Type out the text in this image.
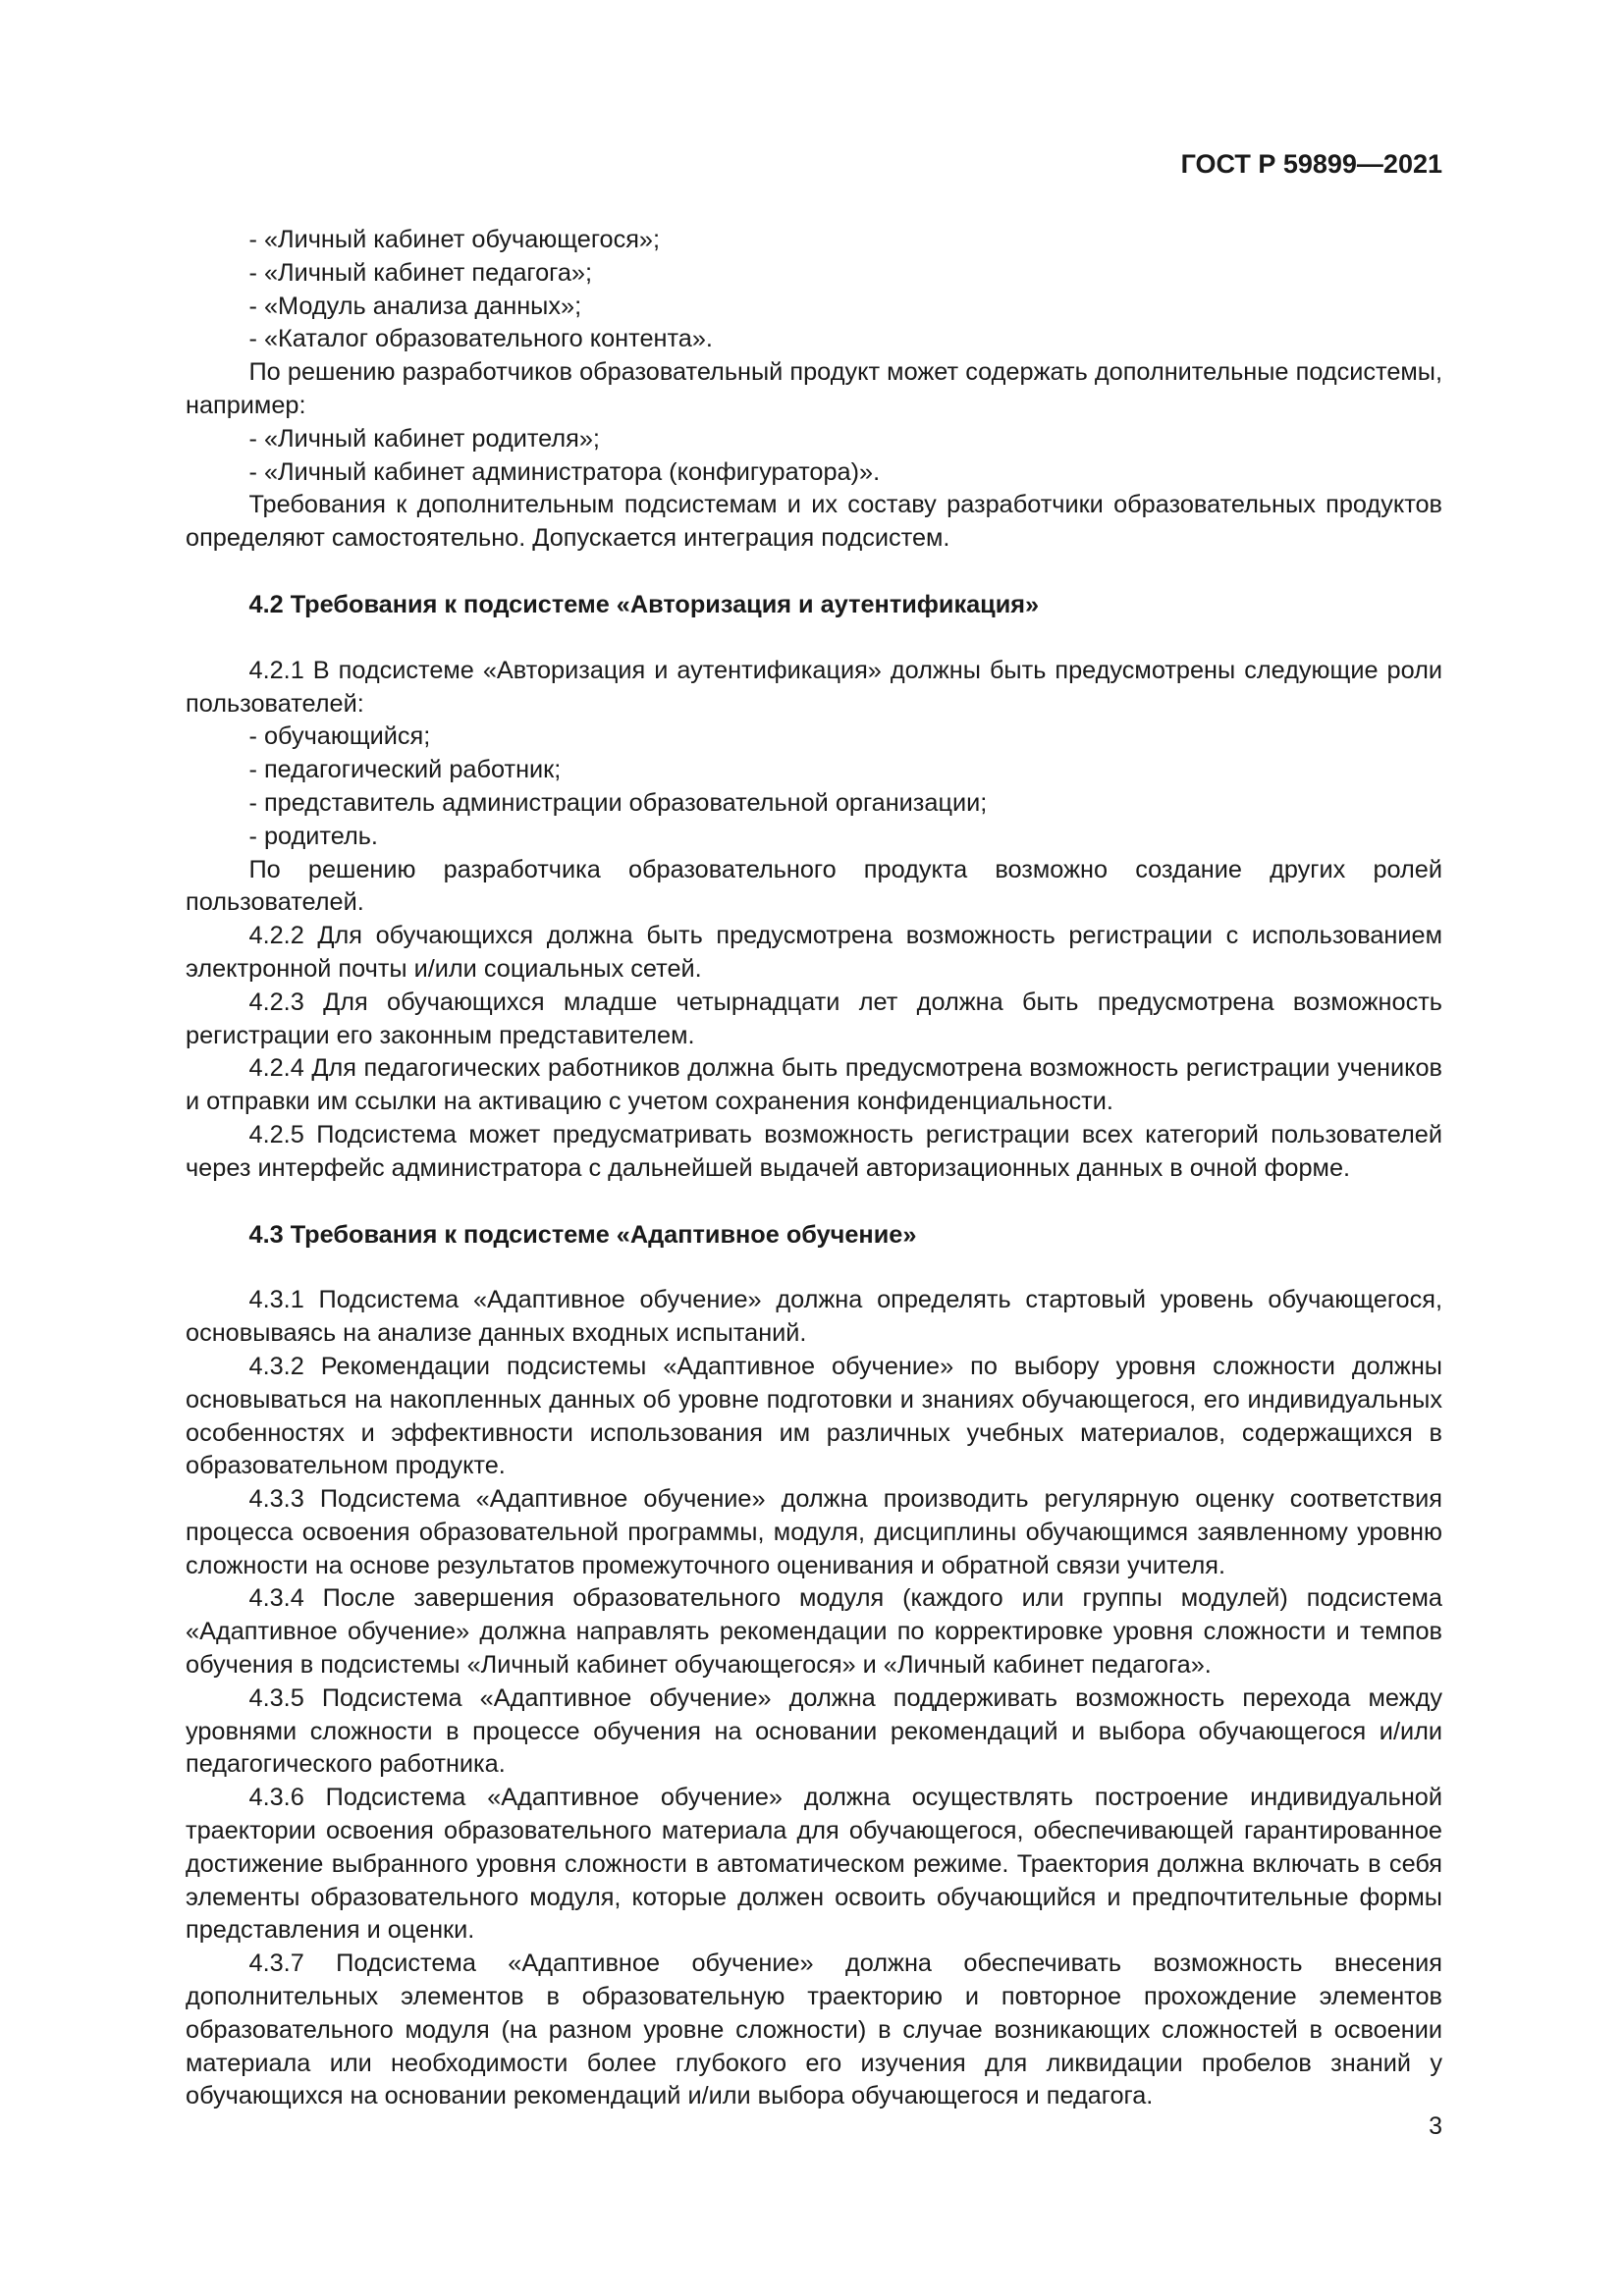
ГОСТ Р 59899—2021

- «Личный кабинет обучающегося»;

- «Личный кабинет педагога»;

- «Модуль анализа данных»;

- «Каталог образовательного контента».

По решению разработчиков образовательный продукт может содержать дополнительные подсистемы, например:

- «Личный кабинет родителя»;

- «Личный кабинет администратора (конфигуратора)».

Требования к дополнительным подсистемам и их составу разработчики образовательных продуктов определяют самостоятельно. Допускается интеграция подсистем.

4.2 Требования к подсистеме «Авторизация и аутентификация»

4.2.1 В подсистеме «Авторизация и аутентификация» должны быть предусмотрены следующие роли пользователей:

- обучающийся;

- педагогический работник;

- представитель администрации образовательной организации;

- родитель.

По решению разработчика образовательного продукта возможно создание других ролей пользователей.

4.2.2 Для обучающихся должна быть предусмотрена возможность регистрации с использованием электронной почты и/или социальных сетей.

4.2.3 Для обучающихся младше четырнадцати лет должна быть предусмотрена возможность регистрации его законным представителем.

4.2.4 Для педагогических работников должна быть предусмотрена возможность регистрации учеников и отправки им ссылки на активацию с учетом сохранения конфиденциальности.

4.2.5 Подсистема может предусматривать возможность регистрации всех категорий пользователей через интерфейс администратора с дальнейшей выдачей авторизационных данных в очной форме.

4.3 Требования к подсистеме «Адаптивное обучение»

4.3.1 Подсистема «Адаптивное обучение» должна определять стартовый уровень обучающегося, основываясь на анализе данных входных испытаний.

4.3.2 Рекомендации подсистемы «Адаптивное обучение» по выбору уровня сложности должны основываться на накопленных данных об уровне подготовки и знаниях обучающегося, его индивидуальных особенностях и эффективности использования им различных учебных материалов, содержащихся в образовательном продукте.

4.3.3 Подсистема «Адаптивное обучение» должна производить регулярную оценку соответствия процесса освоения образовательной программы, модуля, дисциплины обучающимся заявленному уровню сложности на основе результатов промежуточного оценивания и обратной связи учителя.

4.3.4 После завершения образовательного модуля (каждого или группы модулей) подсистема «Адаптивное обучение» должна направлять рекомендации по корректировке уровня сложности и темпов обучения в подсистемы «Личный кабинет обучающегося» и «Личный кабинет педагога».

4.3.5 Подсистема «Адаптивное обучение» должна поддерживать возможность перехода между уровнями сложности в процессе обучения на основании рекомендаций и выбора обучающегося и/или педагогического работника.

4.3.6 Подсистема «Адаптивное обучение» должна осуществлять построение индивидуальной траектории освоения образовательного материала для обучающегося, обеспечивающей гарантированное достижение выбранного уровня сложности в автоматическом режиме. Траектория должна включать в себя элементы образовательного модуля, которые должен освоить обучающийся и предпочтительные формы представления и оценки.

4.3.7 Подсистема «Адаптивное обучение» должна обеспечивать возможность внесения дополнительных элементов в образовательную траекторию и повторное прохождение элементов образовательного модуля (на разном уровне сложности) в случае возникающих сложностей в освоении материала или необходимости более глубокого его изучения для ликвидации пробелов знаний у обучающихся на основании рекомендаций и/или выбора обучающегося и педагога.

3
